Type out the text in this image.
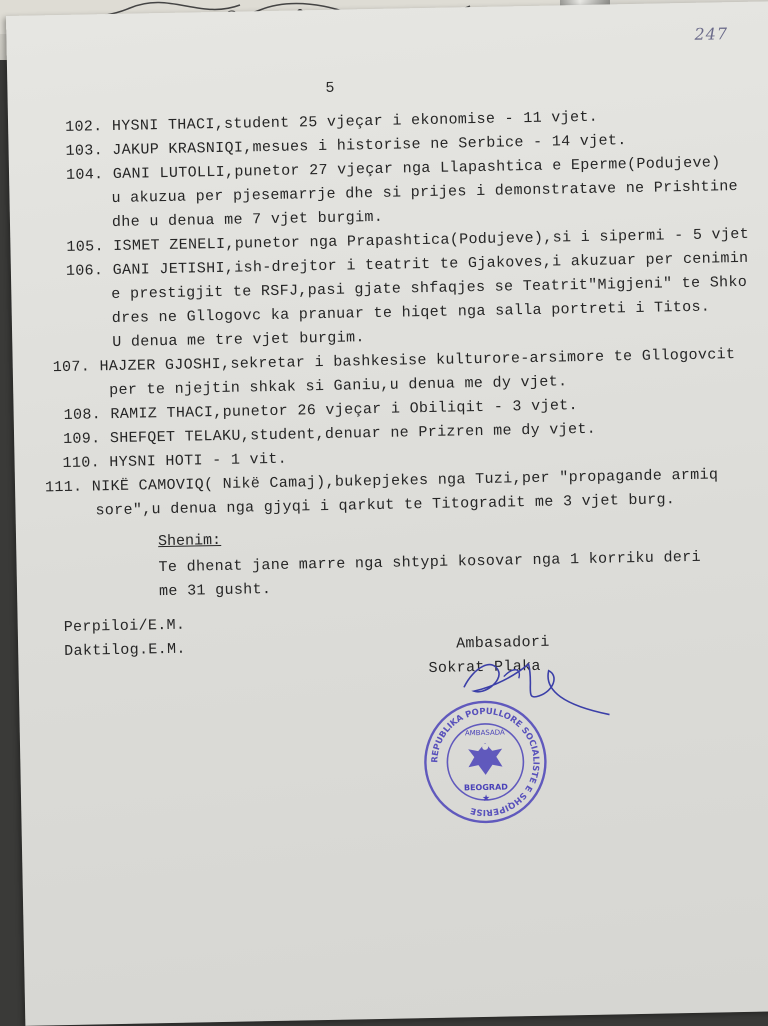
247
5
102. HYSNI THACI,student 25 vjeçar i ekonomise - 11 vjet.
103. JAKUP KRASNIQI,mesues i historise ne Serbice - 14 vjet.
104. GANI LUTOLLI,punetor 27 vjeçar nga Llapashtica e Eperme(Podujeve)
u akuzua per pjesemarrje dhe si prijes i demonstratave ne Prishtine
dhe u denua me 7 vjet burgim.
105. ISMET ZENELI,punetor nga Prapashtica(Podujeve),si i sipermi - 5 vjet
106. GANI JETISHI,ish-drejtor i teatrit te Gjakoves,i akuzuar per cenimin
e prestigjit te RSFJ,pasi gjate shfaqjes se Teatrit"Migjeni" te Shko
dres ne Gllogovc ka pranuar te hiqet nga salla portreti i Titos.
U denua me tre vjet burgim.
107. HAJZER GJOSHI,sekretar i bashkesise kulturore-arsimore te Gllogovcit
per te njejtin shkak si Ganiu,u denua me dy vjet.
108. RAMIZ THACI,punetor 26 vjeçar i Obiliqit - 3 vjet.
109. SHEFQET TELAKU,student,denuar ne Prizren me dy vjet.
110. HYSNI HOTI - 1 vit.
111. NIKË CAMOVIQ( Nikë Camaj),bukepjekes nga Tuzi,per "propagande armiq
sore",u denua nga gjyqi i qarkut te Titogradit me 3 vjet burg.
Shenim:
Te dhenat jane marre nga shtypi kosovar nga 1 korriku deri
me 31 gusht.
Perpiloi/E.M.
Daktilog.E.M.	Ambasadori
Sokrat Plaka
REPUBLIKA POPULLORE SOCIALISTE E SHQIPERISE
AMBASADA
BEOGRAD
★
